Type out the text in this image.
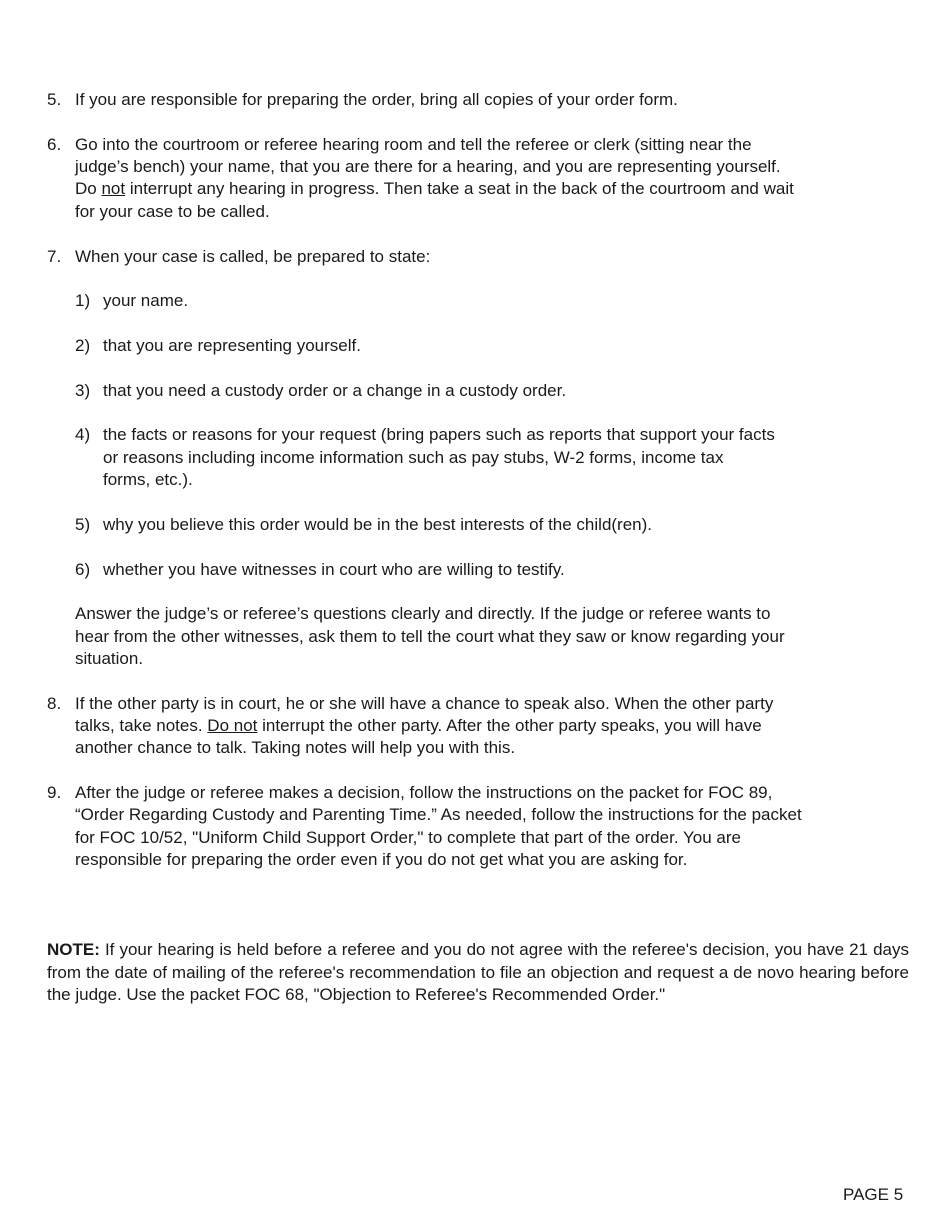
5. If you are responsible for preparing the order, bring all copies of your order form.
6. Go into the courtroom or referee hearing room and tell the referee or clerk (sitting near the
judge’s bench) your name, that you are there for a hearing, and you are representing yourself.
Do not interrupt any hearing in progress. Then take a seat in the back of the courtroom and wait
for your case to be called.
7. When your case is called, be prepared to state:
1) your name.
2) that you are representing yourself.
3) that you need a custody order or a change in a custody order.
4) the facts or reasons for your request (bring papers such as reports that support your facts
or reasons including income information such as pay stubs, W-2 forms, income tax
forms, etc.).
5) why you believe this order would be in the best interests of the child(ren).
6) whether you have witnesses in court who are willing to testify.
Answer the judge’s or referee’s questions clearly and directly. If the judge or referee wants to
hear from the other witnesses, ask them to tell the court what they saw or know regarding your
situation.
8. If the other party is in court, he or she will have a chance to speak also. When the other party
talks, take notes. Do not interrupt the other party. After the other party speaks, you will have
another chance to talk. Taking notes will help you with this.
9. After the judge or referee makes a decision, follow the instructions on the packet for FOC 89,
“Order Regarding Custody and Parenting Time.” As needed, follow the instructions for the packet
for FOC 10/52, "Uniform Child Support Order," to complete that part of the order. You are
responsible for preparing the order even if you do not get what you are asking for.
NOTE: If your hearing is held before a referee and you do not agree with the referee's decision, you have 21 days from the date of mailing of the referee's recommendation to file an objection and request a de novo hearing before the judge. Use the packet FOC 68, "Objection to Referee's Recommended Order."
PAGE 5
